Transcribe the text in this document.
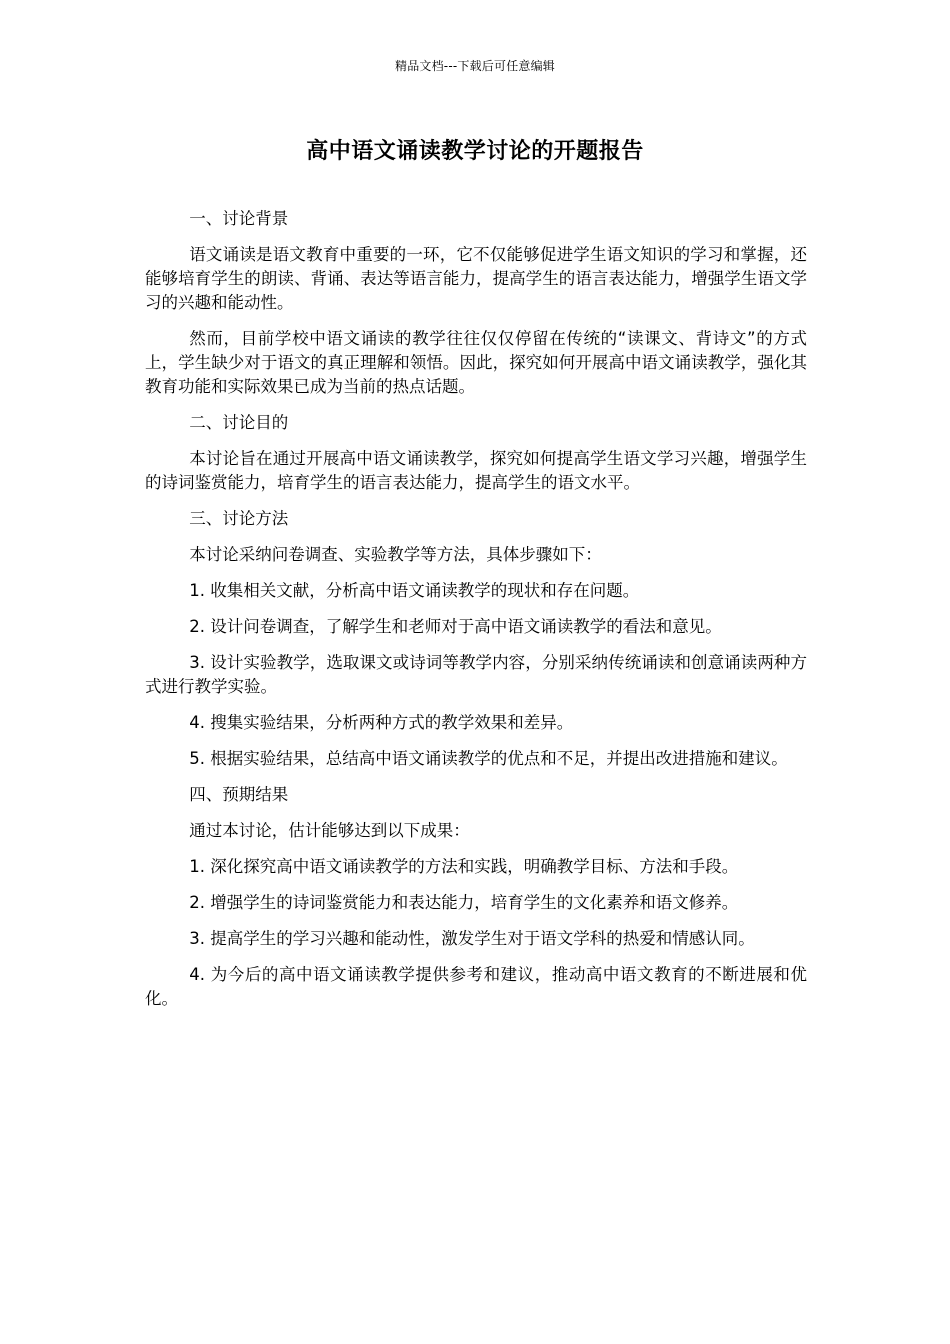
精品文档---下载后可任意编辑
高中语文诵读教学讨论的开题报告

一、讨论背景

语文诵读是语文教育中重要的一环，它不仅能够促进学生语文知识的学习和掌握，还能够培育学生的朗读、背诵、表达等语言能力，提高学生的语言表达能力，增强学生语文学习的兴趣和能动性。

然而，目前学校中语文诵读的教学往往仅仅停留在传统的“读课文、背诗文”的方式上，学生缺少对于语文的真正理解和领悟。因此，探究如何开展高中语文诵读教学，强化其教育功能和实际效果已成为当前的热点话题。

二、讨论目的

本讨论旨在通过开展高中语文诵读教学，探究如何提高学生语文学习兴趣，增强学生的诗词鉴赏能力，培育学生的语言表达能力，提高学生的语文水平。

三、讨论方法

本讨论采纳问卷调查、实验教学等方法，具体步骤如下：

1. 收集相关文献，分析高中语文诵读教学的现状和存在问题。

2. 设计问卷调查，了解学生和老师对于高中语文诵读教学的看法和意见。

3. 设计实验教学，选取课文或诗词等教学内容，分别采纳传统诵读和创意诵读两种方式进行教学实验。

4. 搜集实验结果，分析两种方式的教学效果和差异。

5. 根据实验结果，总结高中语文诵读教学的优点和不足，并提出改进措施和建议。

四、预期结果

通过本讨论，估计能够达到以下成果：

1. 深化探究高中语文诵读教学的方法和实践，明确教学目标、方法和手段。

2. 增强学生的诗词鉴赏能力和表达能力，培育学生的文化素养和语文修养。

3. 提高学生的学习兴趣和能动性，激发学生对于语文学科的热爱和情感认同。

4. 为今后的高中语文诵读教学提供参考和建议，推动高中语文教育的不断进展和优化。
